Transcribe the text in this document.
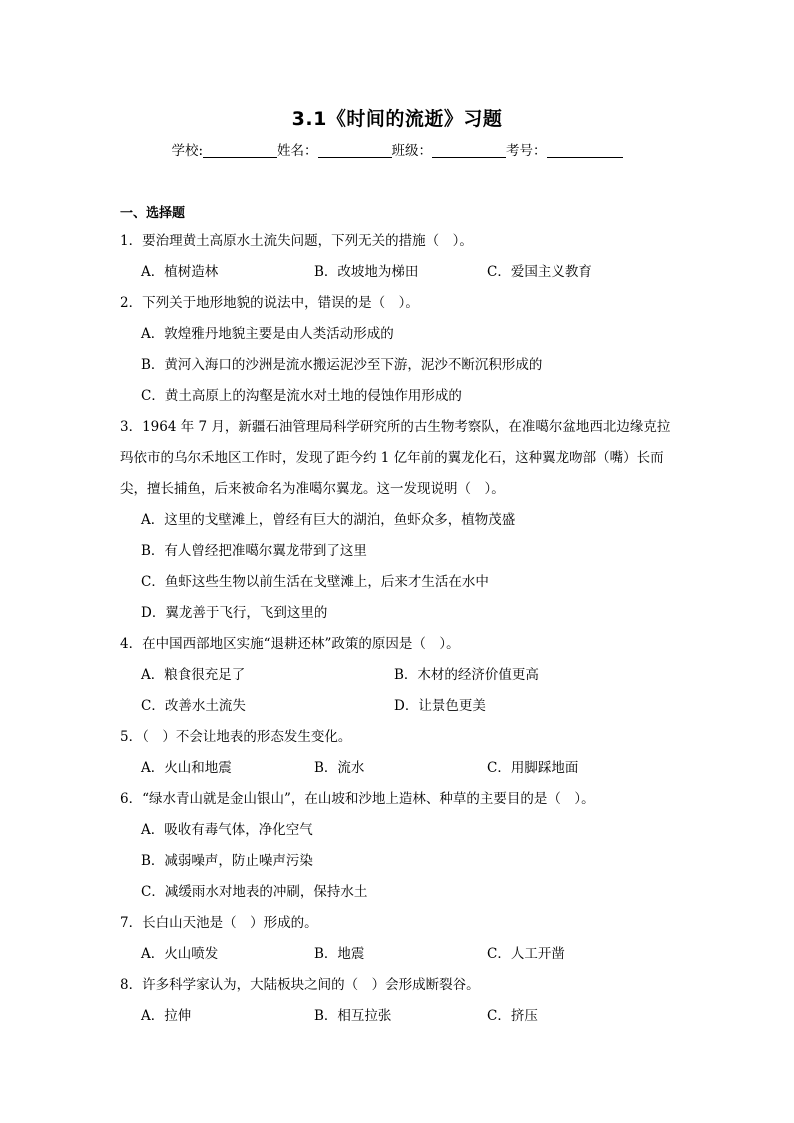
3.1《时间的流逝》习题
学校:	姓名：	班级：	考号：
一、选择题
1．要治理黄土高原水土流失问题，下列无关的措施（　）。
A．植树造林	B．改坡地为梯田	C．爱国主义教育
2．下列关于地形地貌的说法中，错误的是（　）。
A．敦煌雅丹地貌主要是由人类活动形成的
B．黄河入海口的沙洲是流水搬运泥沙至下游，泥沙不断沉积形成的
C．黄土高原上的沟壑是流水对土地的侵蚀作用形成的
3．1964 年 7 月，新疆石油管理局科学研究所的古生物考察队，在准噶尔盆地西北边缘克拉
玛依市的乌尔禾地区工作时，发现了距今约 1 亿年前的翼龙化石，这种翼龙吻部（嘴）长而
尖，擅长捕鱼，后来被命名为准噶尔翼龙。这一发现说明（　）。
A．这里的戈壁滩上，曾经有巨大的湖泊，鱼虾众多，植物茂盛
B．有人曾经把准噶尔翼龙带到了这里
C．鱼虾这些生物以前生活在戈壁滩上，后来才生活在水中
D．翼龙善于飞行，飞到这里的
4．在中国西部地区实施“退耕还林”政策的原因是（　）。
A．粮食很充足了	B．木材的经济价值更高
C．改善水土流失	D．让景色更美
5．（　）不会让地表的形态发生变化。
A．火山和地震	B．流水	C．用脚踩地面
6．“绿水青山就是金山银山”，在山坡和沙地上造林、种草的主要目的是（　）。
A．吸收有毒气体，净化空气
B．减弱噪声，防止噪声污染
C．减缓雨水对地表的冲刷，保持水土
7．长白山天池是（　）形成的。
A．火山喷发	B．地震	C．人工开凿
8．许多科学家认为，大陆板块之间的（　）会形成断裂谷。
A．拉伸	B．相互拉张	C．挤压
